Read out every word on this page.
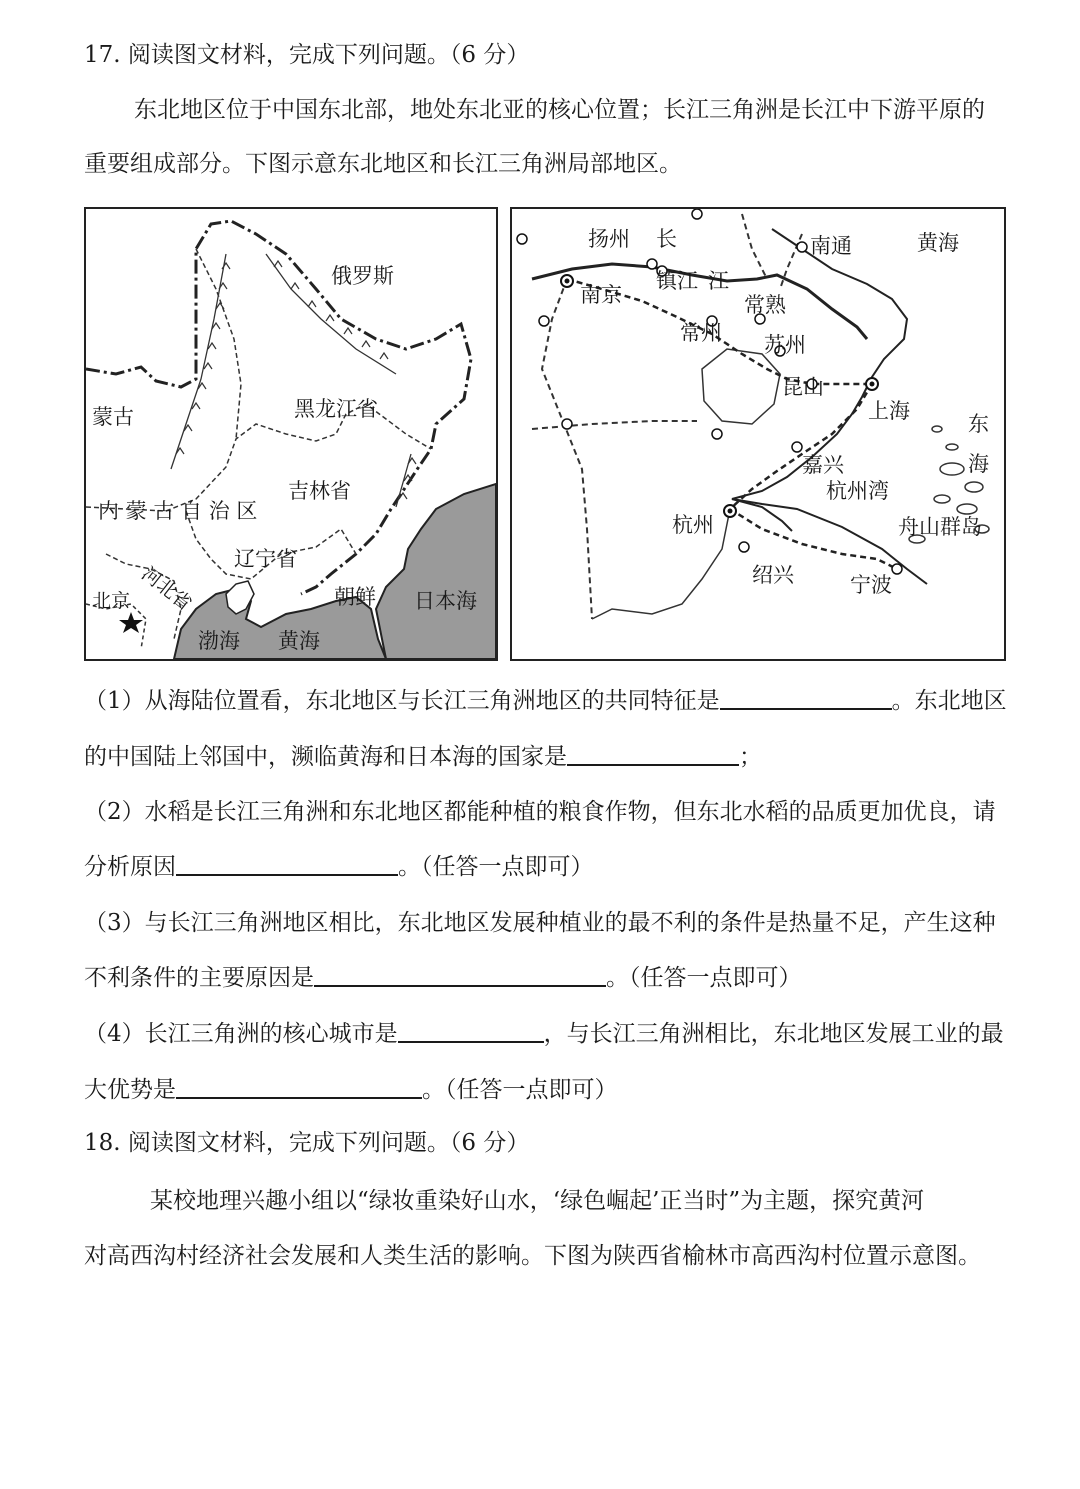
17. 阅读图文材料，完成下列问题。（6 分）
东北地区位于中国东北部，地处东北亚的核心位置；长江三角洲是长江中下游平原的
重要组成部分。下图示意东北地区和长江三角洲局部地区。
俄罗斯
蒙古	黑龙江省
吉林省
内 蒙 古 自 治 区
辽宁省
河北省
北京	朝鲜 日本海
渤海 黄海
扬州 长
江
镇江
南京
南通	黄海
常熟
常州 苏州
昆山
上海
东
海
嘉兴
杭州湾
杭州	舟山群岛
绍兴	宁波
（1）从海陆位置看，东北地区与长江三角洲地区的共同特征是	。东北地区
的中国陆上邻国中，濒临黄海和日本海的国家是	；
（2）水稻是长江三角洲和东北地区都能种植的粮食作物，但东北水稻的品质更加优良，请
分析原因	。（任答一点即可）
（3）与长江三角洲地区相比，东北地区发展种植业的最不利的条件是热量不足，产生这种
不利条件的主要原因是	。（任答一点即可）
（4）长江三角洲的核心城市是	，与长江三角洲相比，东北地区发展工业的最
大优势是	。（任答一点即可）
18. 阅读图文材料，完成下列问题。（6 分）
某校地理兴趣小组以“绿妆重染好山水，‘绿色崛起’正当时”为主题，探究黄河
对高西沟村经济社会发展和人类生活的影响。下图为陕西省榆林市高西沟村位置示意图。
